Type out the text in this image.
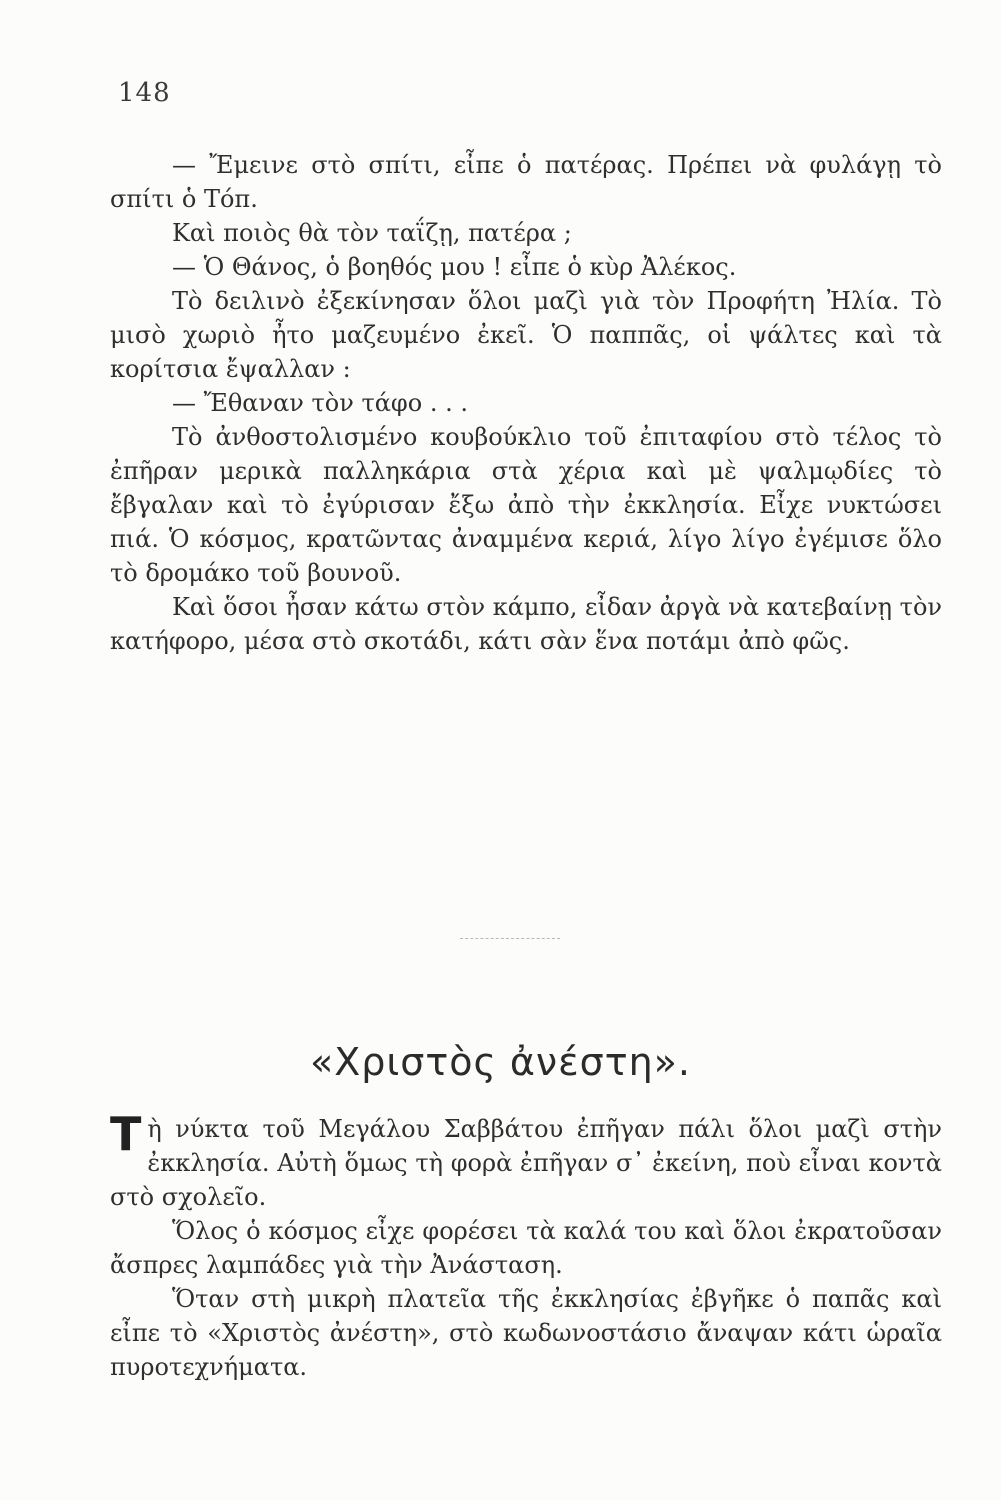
148

— Ἔμεινε στὸ σπίτι, εἶπε ὁ πατέρας. Πρέπει νὰ φυλάγῃ τὸ σπίτι ὁ Τόπ.

Καὶ ποιὸς θὰ τὸν ταΐζῃ, πατέρα ;

— Ὁ Θάνος, ὁ βοηθός μου ! εἶπε ὁ κὺρ Ἀλέκος.

Τὸ δειλινὸ ἐξεκίνησαν ὅλοι μαζὶ γιὰ τὸν Προφήτη Ἠλία. Τὸ μισὸ χωριὸ ἦτο μαζευμένο ἐκεῖ. Ὁ παππᾶς, οἱ ψάλτες καὶ τὰ κορίτσια ἔψαλλαν :

— Ἔθαναν τὸν τάφο . . .

Τὸ ἀνθοστολισμένο κουβούκλιο τοῦ ἐπιταφίου στὸ τέλος τὸ ἐπῆραν μερικὰ παλληκάρια στὰ χέρια καὶ μὲ ψαλμῳδίες τὸ ἔβγαλαν καὶ τὸ ἐγύρισαν ἔξω ἀπὸ τὴν ἐκκλησία. Εἶχε νυκτώσει πιά. Ὁ κόσμος, κρατῶντας ἀναμμένα κεριά, λίγο λίγο ἐγέμισε ὅλο τὸ δρομάκο τοῦ βουνοῦ.

Καὶ ὅσοι ἦσαν κάτω στὸν κάμπο, εἶδαν ἀργὰ νὰ κατεβαίνῃ τὸν κατήφορο, μέσα στὸ σκοτάδι, κάτι σὰν ἕνα ποτάμι ἀπὸ φῶς.

«Χριστὸς ἀνέστη».

Τὴ νύκτα τοῦ Μεγάλου Σαββάτου ἐπῆγαν πάλι ὅλοι μαζὶ στὴν ἐκκλησία. Αὐτὴ ὅμως τὴ φορὰ ἐπῆγαν σ᾽ ἐκείνη, ποὺ εἶναι κοντὰ στὸ σχολεῖο.

Ὅλος ὁ κόσμος εἶχε φορέσει τὰ καλά του καὶ ὅλοι ἐκρατοῦσαν ἄσπρες λαμπάδες γιὰ τὴν Ἀνάσταση.

Ὅταν στὴ μικρὴ πλατεῖα τῆς ἐκκλησίας ἐβγῆκε ὁ παπᾶς καὶ εἶπε τὸ «Χριστὸς ἀνέστη», στὸ κωδωνοστάσιο ἄναψαν κάτι ὡραῖα πυροτεχνήματα.
